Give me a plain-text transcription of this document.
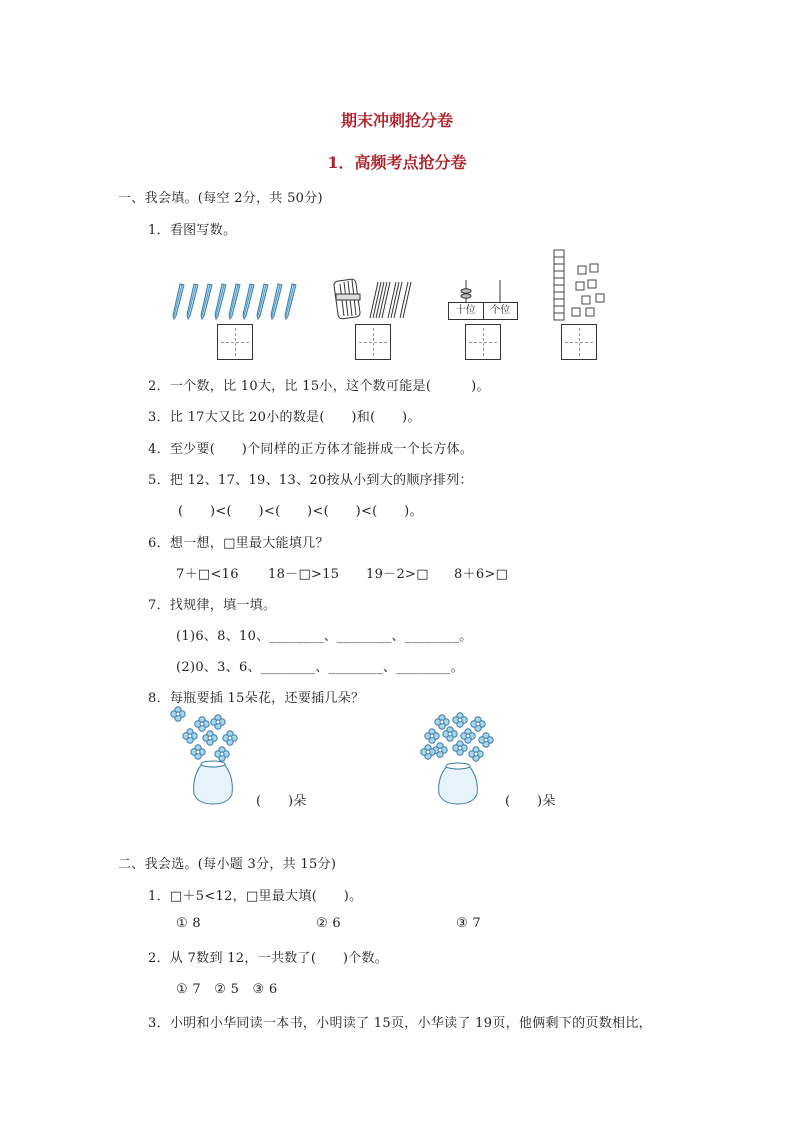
期末冲刺抢分卷
1．高频考点抢分卷
一、我会填。(每空 2分，共 50分)
1．看图写数。
十位	个位
2．一个数，比 10大，比 15小，这个数可能是(　　　)。
3．比 17大又比 20小的数是(　　)和(　　)。
4．至少要(　　)个同样的正方体才能拼成一个长方体。
5．把 12、17、19、13、20按从小到大的顺序排列：
(　　)<(　　)<(　　)<(　　)<(　　)。
6．想一想，□里最大能填几？
7＋□<16 18－□>15 19－2>□ 8＋6>□
7．找规律，填一填。
(1)6、8、10、________、________、________。
(2)0、3、6、________、________、________。
8．每瓶要插 15朵花，还要插几朵？
(　　)朵	(　　)朵
二、我会选。(每小题 3分，共 15分)
1．□＋5<12，□里最大填(　　)。
① 8	② 6	③ 7
2．从 7数到 12，一共数了(　　)个数。
① 7　② 5　③ 6
3．小明和小华同读一本书，小明读了 15页，小华读了 19页，他俩剩下的页数相比，
